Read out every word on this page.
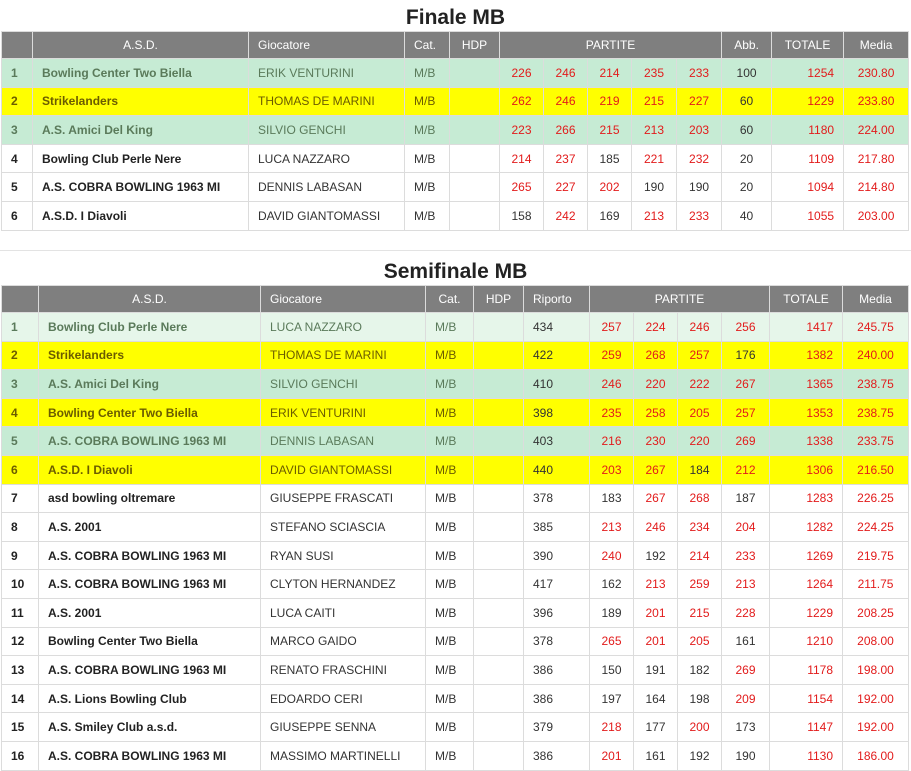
Finale MB
	A.S.D.	Giocatore	Cat.	HDP	PARTITE					Abb.	TOTALE	Media
1	Bowling Center Two Biella	ERIK VENTURINI	M/B		226	246	214	235	233	100	1254	230.80
2	Strikelanders	THOMAS DE MARINI	M/B		262	246	219	215	227	60	1229	233.80
3	A.S. Amici Del King	SILVIO GENCHI	M/B		223	266	215	213	203	60	1180	224.00
4	Bowling Club Perle Nere	LUCA NAZZARO	M/B		214	237	185	221	232	20	1109	217.80
5	A.S. COBRA BOWLING 1963 MI	DENNIS LABASAN	M/B		265	227	202	190	190	20	1094	214.80
6	A.S.D. I Diavoli	DAVID GIANTOMASSI	M/B		158	242	169	213	233	40	1055	203.00
Semifinale MB
	A.S.D.	Giocatore	Cat.	HDP	Riporto	PARTITE				TOTALE	Media
1	Bowling Club Perle Nere	LUCA NAZZARO	M/B		434	257	224	246	256	1417	245.75
2	Strikelanders	THOMAS DE MARINI	M/B		422	259	268	257	176	1382	240.00
3	A.S. Amici Del King	SILVIO GENCHI	M/B		410	246	220	222	267	1365	238.75
4	Bowling Center Two Biella	ERIK VENTURINI	M/B		398	235	258	205	257	1353	238.75
5	A.S. COBRA BOWLING 1963 MI	DENNIS LABASAN	M/B		403	216	230	220	269	1338	233.75
6	A.S.D. I Diavoli	DAVID GIANTOMASSI	M/B		440	203	267	184	212	1306	216.50
7	asd bowling oltremare	GIUSEPPE FRASCATI	M/B		378	183	267	268	187	1283	226.25
8	A.S. 2001	STEFANO SCIASCIA	M/B		385	213	246	234	204	1282	224.25
9	A.S. COBRA BOWLING 1963 MI	RYAN SUSI	M/B		390	240	192	214	233	1269	219.75
10	A.S. COBRA BOWLING 1963 MI	CLYTON HERNANDEZ	M/B		417	162	213	259	213	1264	211.75
11	A.S. 2001	LUCA CAITI	M/B		396	189	201	215	228	1229	208.25
12	Bowling Center Two Biella	MARCO GAIDO	M/B		378	265	201	205	161	1210	208.00
13	A.S. COBRA BOWLING 1963 MI	RENATO FRASCHINI	M/B		386	150	191	182	269	1178	198.00
14	A.S. Lions Bowling Club	EDOARDO CERI	M/B		386	197	164	198	209	1154	192.00
15	A.S. Smiley Club a.s.d.	GIUSEPPE SENNA	M/B		379	218	177	200	173	1147	192.00
16	A.S. COBRA BOWLING 1963 MI	MASSIMO MARTINELLI	M/B		386	201	161	192	190	1130	186.00
